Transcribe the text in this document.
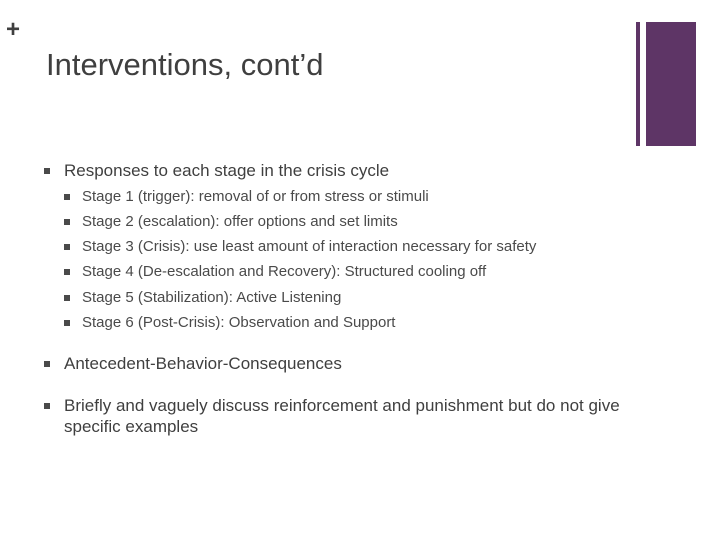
+
Interventions, cont’d
Responses to each stage in the crisis cycle
Stage 1 (trigger): removal of or from stress or stimuli
Stage 2 (escalation): offer options and set limits
Stage 3 (Crisis): use least amount of interaction necessary for safety
Stage 4 (De-escalation and Recovery): Structured cooling off
Stage 5 (Stabilization): Active Listening
Stage 6 (Post-Crisis): Observation and Support
Antecedent-Behavior-Consequences
Briefly and vaguely discuss reinforcement and punishment but do not give specific examples
